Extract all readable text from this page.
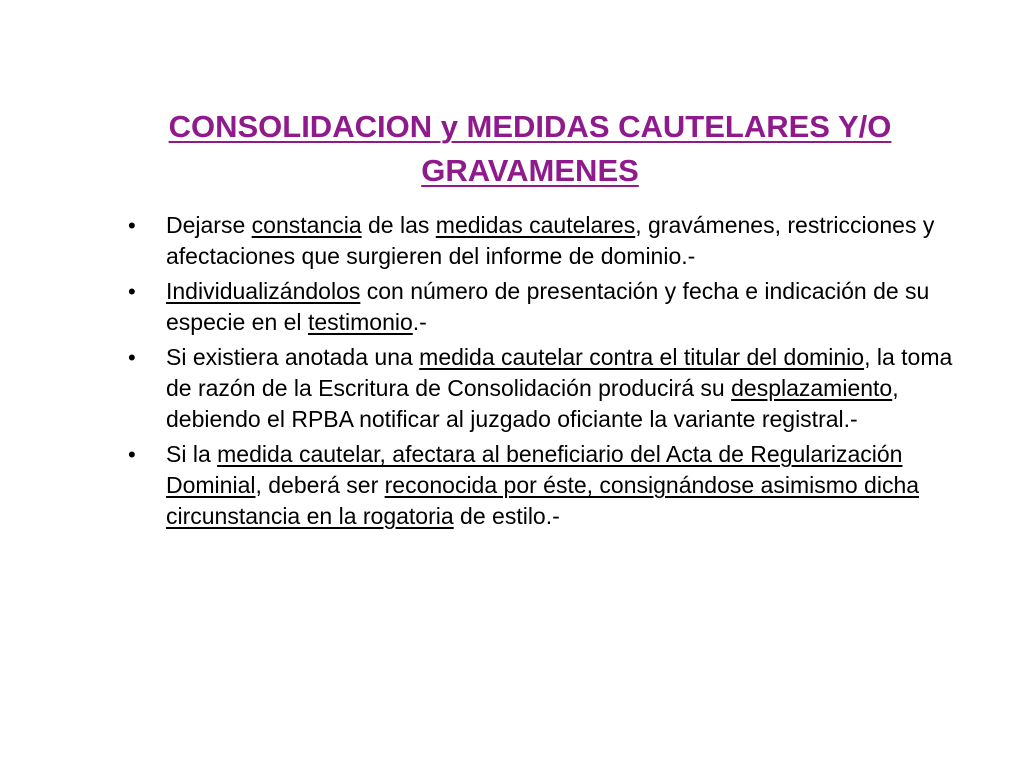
CONSOLIDACION y MEDIDAS CAUTELARES Y/O
GRAVAMENES
• Dejarse constancia de las medidas cautelares, gravámenes, restricciones y afectaciones que surgieren del informe de dominio.-
• Individualizándolos con número de presentación y fecha e indicación de su especie en el testimonio.-
• Si existiera anotada una medida cautelar contra el titular del dominio, la toma de razón de la Escritura de Consolidación producirá su desplazamiento, debiendo el RPBA notificar al juzgado oficiante la variante registral.-
• Si la medida cautelar, afectara al beneficiario del Acta de Regularización Dominial, deberá ser reconocida por éste, consignándose asimismo dicha circunstancia en la rogatoria de estilo.-
